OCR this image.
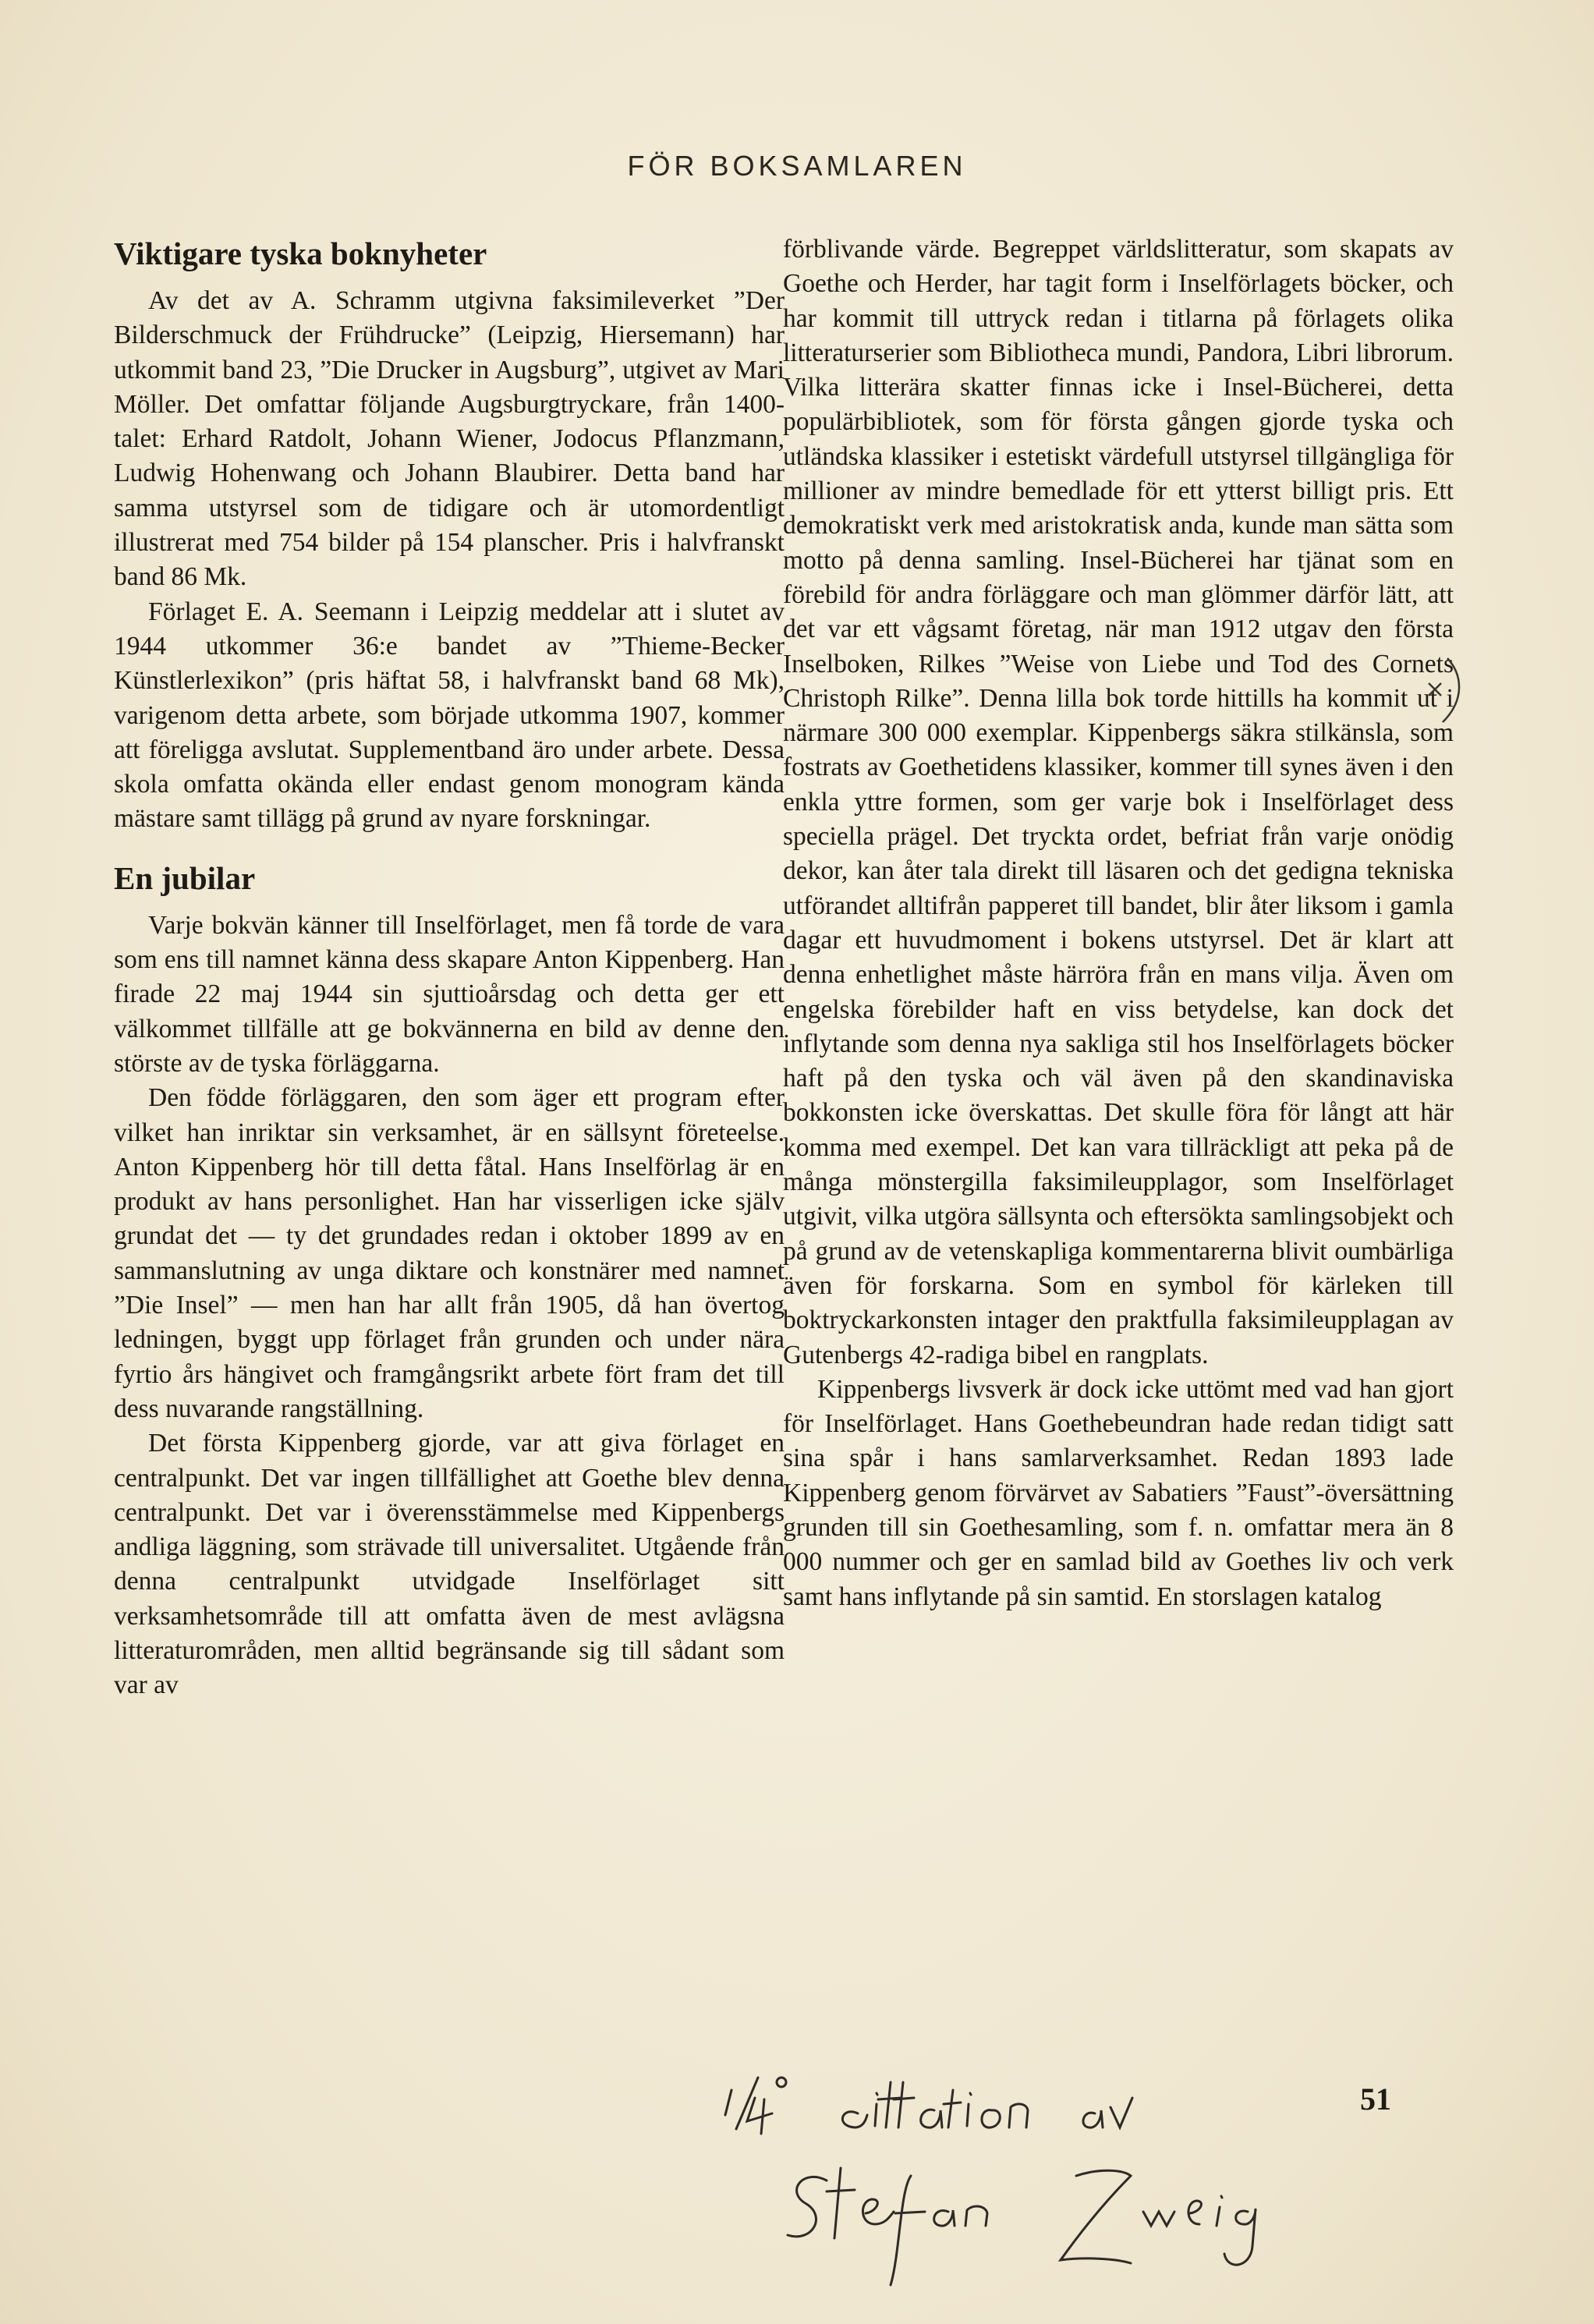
FÖR BOKSAMLAREN
Viktigare tyska boknyheter

Av det av A. Schramm utgivna faksimileverket ”Der Bilderschmuck der Frühdrucke” (Leipzig, Hiersemann) har utkommit band 23, ”Die Drucker in Augsburg”, utgivet av Mari Möller. Det omfattar följande Augsburgtryckare, från 1400-talet: Erhard Ratdolt, Johann Wiener, Jodocus Pflanzmann, Ludwig Hohenwang och Johann Blaubirer. Detta band har samma utstyrsel som de tidigare och är utomordentligt illustrerat med 754 bilder på 154 planscher. Pris i halvfranskt band 86 Mk.

Förlaget E. A. Seemann i Leipzig meddelar att i slutet av 1944 utkommer 36:e bandet av ”Thieme-Becker Künstlerlexikon” (pris häftat 58, i halvfranskt band 68 Mk), varigenom detta arbete, som började utkomma 1907, kommer att föreligga avslutat. Supplementband äro under arbete. Dessa skola omfatta okända eller endast genom monogram kända mästare samt tillägg på grund av nyare forskningar.

En jubilar

Varje bokvän känner till Inselförlaget, men få torde de vara som ens till namnet känna dess skapare Anton Kippenberg. Han firade 22 maj 1944 sin sjuttioårsdag och detta ger ett välkommet tillfälle att ge bokvännerna en bild av denne den störste av de tyska förläggarna.

Den födde förläggaren, den som äger ett program efter vilket han inriktar sin verksamhet, är en sällsynt företeelse. Anton Kippenberg hör till detta fåtal. Hans Inselförlag är en produkt av hans personlighet. Han har visserligen icke själv grundat det — ty det grundades redan i oktober 1899 av en sammanslutning av unga diktare och konstnärer med namnet ”Die Insel” — men han har allt från 1905, då han övertog ledningen, byggt upp förlaget från grunden och under nära fyrtio års hängivet och framgångsrikt arbete fört fram det till dess nuvarande rangställning.

Det första Kippenberg gjorde, var att giva förlaget en centralpunkt. Det var ingen tillfällighet att Goethe blev denna centralpunkt. Det var i överensstämmelse med Kippenbergs andliga läggning, som strävade till universalitet. Utgående från denna centralpunkt utvidgade Inselförlaget sitt verksamhetsområde till att omfatta även de mest avlägsna litteraturområden, men alltid begränsande sig till sådant som var av

förblivande värde. Begreppet världslitteratur, som skapats av Goethe och Herder, har tagit form i Inselförlagets böcker, och har kommit till uttryck redan i titlarna på förlagets olika litteraturserier som Bibliotheca mundi, Pandora, Libri librorum. Vilka litterära skatter finnas icke i Insel-Bücherei, detta populärbibliotek, som för första gången gjorde tyska och utländska klassiker i estetiskt värdefull utstyrsel tillgängliga för millioner av mindre bemedlade för ett ytterst billigt pris. Ett demokratiskt verk med aristokratisk anda, kunde man sätta som motto på denna samling. Insel-Bücherei har tjänat som en förebild för andra förläggare och man glömmer därför lätt, att det var ett vågsamt företag, när man 1912 utgav den första Inselboken, Rilkes ”Weise von Liebe und Tod des Cornets Christoph Rilke”. Denna lilla bok torde hittills ha kommit ut i närmare 300 000 exemplar. Kippenbergs säkra stilkänsla, som fostrats av Goethetidens klassiker, kommer till synes även i den enkla yttre formen, som ger varje bok i Inselförlaget dess speciella prägel. Det tryckta ordet, befriat från varje onödig dekor, kan åter tala direkt till läsaren och det gedigna tekniska utförandet alltifrån papperet till bandet, blir åter liksom i gamla dagar ett huvudmoment i bokens utstyrsel. Det är klart att denna enhetlighet måste härröra från en mans vilja. Även om engelska förebilder haft en viss betydelse, kan dock det inflytande som denna nya sakliga stil hos Inselförlagets böcker haft på den tyska och väl även på den skandinaviska bokkonsten icke överskattas. Det skulle föra för långt att här komma med exempel. Det kan vara tillräckligt att peka på de många mönstergilla faksimileupplagor, som Inselförlaget utgivit, vilka utgöra sällsynta och eftersökta samlingsobjekt och på grund av de vetenskapliga kommentarerna blivit oumbärliga även för forskarna. Som en symbol för kärleken till boktryckarkonsten intager den praktfulla faksimileupplagan av Gutenbergs 42-radiga bibel en rangplats.

Kippenbergs livsverk är dock icke uttömt med vad han gjort för Inselförlaget. Hans Goethebeundran hade redan tidigt satt sina spår i hans samlarverksamhet. Redan 1893 lade Kippenberg genom förvärvet av Sabatiers ”Faust”-översättning grunden till sin Goethesamling, som f. n. omfattar mera än 8 000 nummer och ger en samlad bild av Goethes liv och verk samt hans inflytande på sin samtid. En storslagen katalog

51
